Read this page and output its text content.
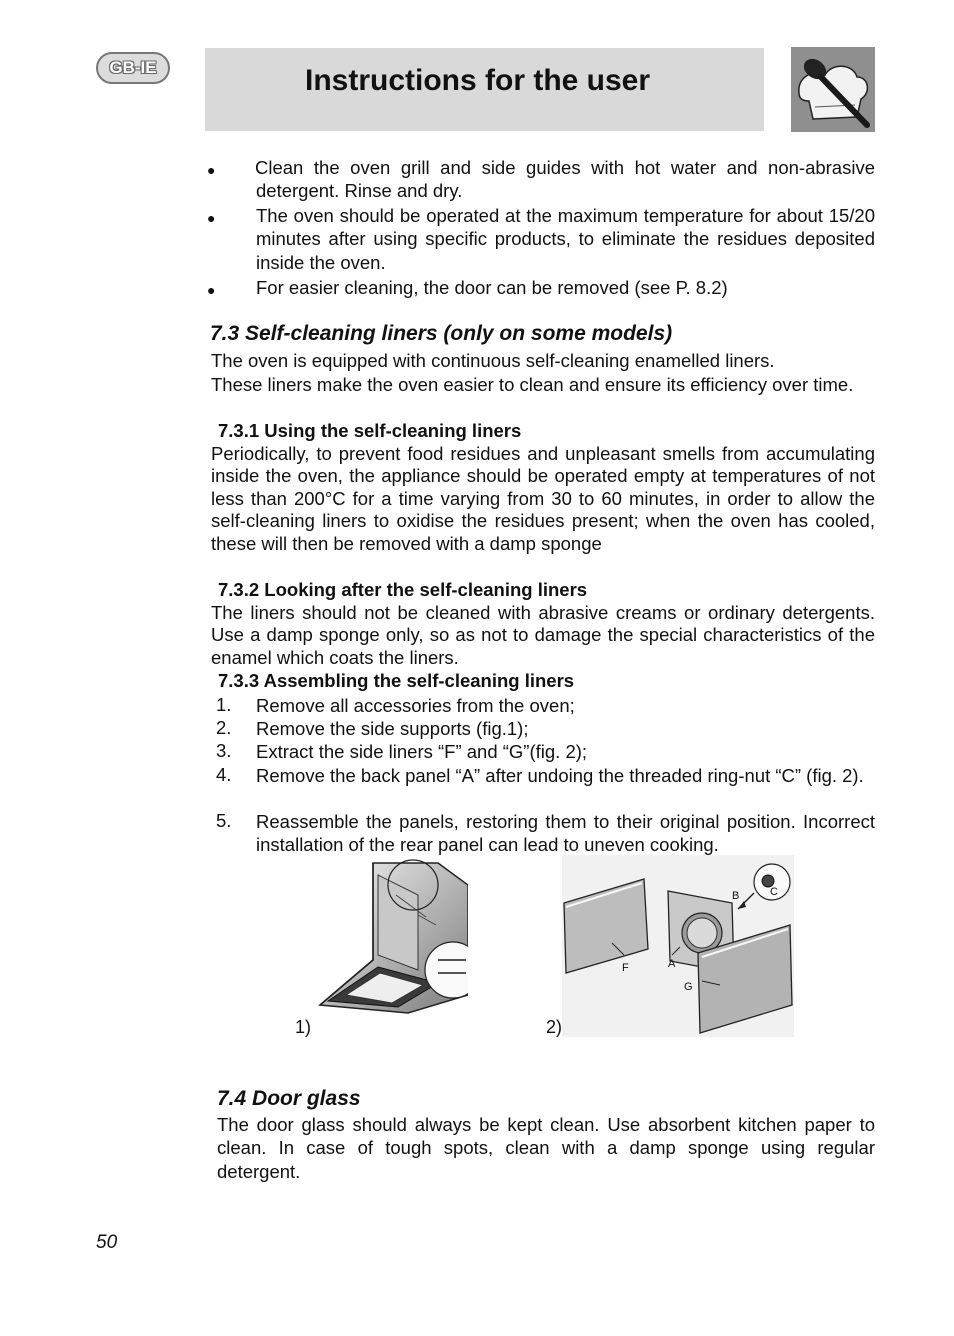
GB-IE	Instructions for the user
● Clean the oven grill and side guides with hot water and non-abrasive detergent. Rinse and dry.
● The oven should be operated at the maximum temperature for about 15/20 minutes after using specific products, to eliminate the residues deposited inside the oven.
● For easier cleaning, the door can be removed (see P. 8.2)
7.3 Self-cleaning liners (only on some models)
The oven is equipped with continuous self-cleaning enamelled liners.
These liners make the oven easier to clean and ensure its efficiency over time.
7.3.1 Using the self-cleaning liners
Periodically, to prevent food residues and unpleasant smells from accumulating inside the oven, the appliance should be operated empty at temperatures of not less than 200°C for a time varying from 30 to 60 minutes, in order to allow the self-cleaning liners to oxidise the residues present; when the oven has cooled, these will then be removed with a damp sponge
7.3.2 Looking after the self-cleaning liners
The liners should not be cleaned with abrasive creams or ordinary detergents. Use a damp sponge only, so as not to damage the special characteristics of the enamel which coats the liners.
7.3.3 Assembling the self-cleaning liners
1. Remove all accessories from the oven;
2. Remove the side supports (fig.1);
3. Extract the side liners “F” and “G”(fig. 2);
4. Remove the back panel “A” after undoing the threaded ring-nut “C” (fig. 2).
5. Reassemble the panels, restoring them to their original position. Incorrect installation of the rear panel can lead to uneven cooking.
1)
F	A
G
B	C
2)
7.4 Door glass
The door glass should always be kept clean. Use absorbent kitchen paper to clean. In case of tough spots, clean with a damp sponge using regular detergent.
50
